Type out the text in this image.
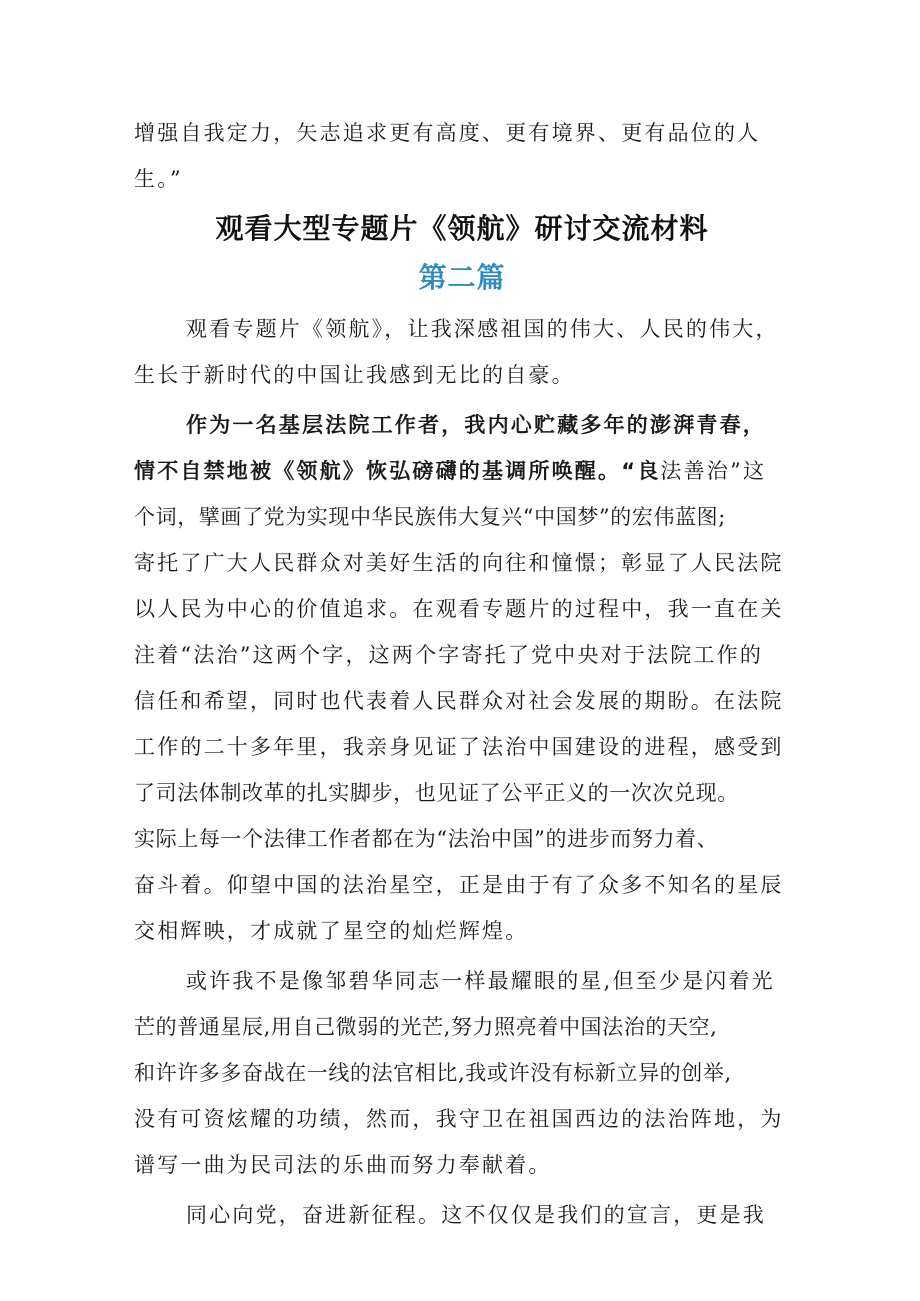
增强自我定力，矢志追求更有高度、更有境界、更有品位的人
生。”
观看大型专题片《领航》研讨交流材料
第二篇
观看专题片《领航》，让我深感祖国的伟大、人民的伟大，
生长于新时代的中国让我感到无比的自豪。
作为一名基层法院工作者，我内心贮藏多年的澎湃青春，
情不自禁地被《领航》恢弘磅礴的基调所唤醒。“良法善治”这
个词，擘画了党为实现中华民族伟大复兴“中国梦”的宏伟蓝图;
寄托了广大人民群众对美好生活的向往和憧憬；彰显了人民法院
以人民为中心的价值追求。在观看专题片的过程中，我一直在关
注着“法治”这两个字，这两个字寄托了党中央对于法院工作的
信任和希望，同时也代表着人民群众对社会发展的期盼。在法院
工作的二十多年里，我亲身见证了法治中国建设的进程，感受到
了司法体制改革的扎实脚步，也见证了公平正义的一次次兑现。
实际上每一个法律工作者都在为“法治中国”的进步而努力着、
奋斗着。仰望中国的法治星空，正是由于有了众多不知名的星辰
交相辉映，才成就了星空的灿烂辉煌。
或许我不是像邹碧华同志一样最耀眼的星,但至少是闪着光
芒的普通星辰,用自己微弱的光芒,努力照亮着中国法治的天空,
和许许多多奋战在一线的法官相比,我或许没有标新立异的创举,
没有可资炫耀的功绩，然而，我守卫在祖国西边的法治阵地，为
谱写一曲为民司法的乐曲而努力奉献着。
同心向党，奋进新征程。这不仅仅是我们的宣言，更是我
